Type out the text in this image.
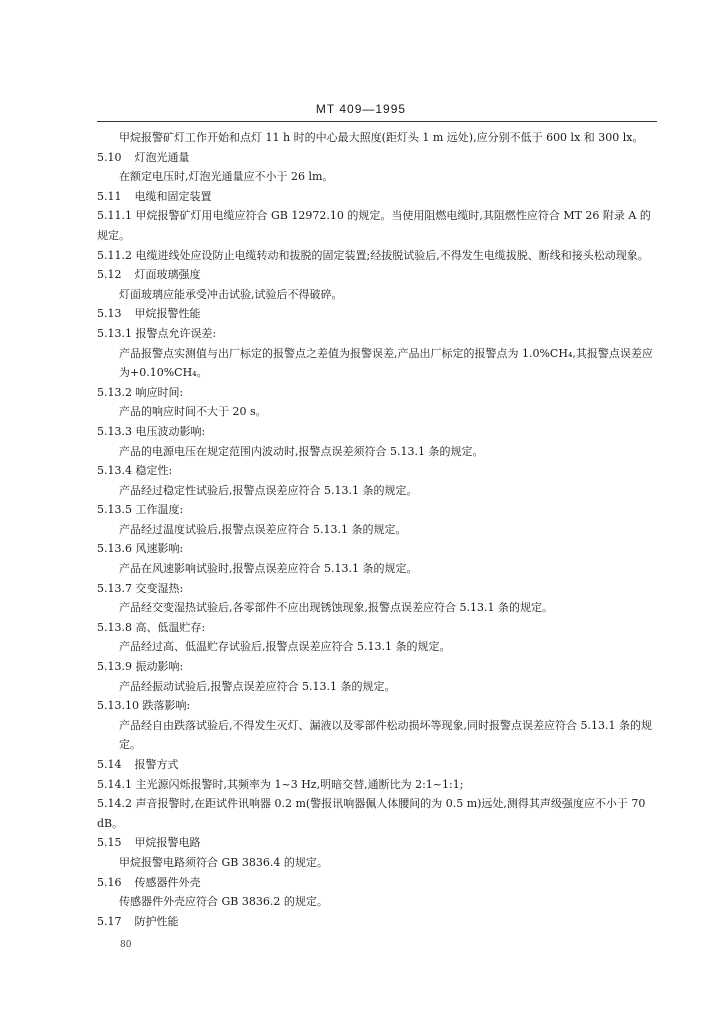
MT 409—1995
甲烷报警矿灯工作开始和点灯 11 h 时的中心最大照度(距灯头 1 m 远处),应分别不低于 600 lx 和 300 lx。
5.10 灯泡光通量
在额定电压时,灯泡光通量应不小于 26 lm。
5.11 电缆和固定装置
5.11.1 甲烷报警矿灯用电缆应符合 GB 12972.10 的规定。当使用阻燃电缆时,其阻燃性应符合 MT 26 附录 A 的规定。
5.11.2 电缆进线处应设防止电缆转动和拔脱的固定装置;经拔脱试验后,不得发生电缆拔脱、断线和接头松动现象。
5.12 灯面玻璃强度
灯面玻璃应能承受冲击试验,试验后不得破碎。
5.13 甲烷报警性能
5.13.1 报警点允许误差:
产品报警点实测值与出厂标定的报警点之差值为报警误差,产品出厂标定的报警点为 1.0%CH₄,其报警点误差应为+0.10%CH₄。
5.13.2 响应时间:
产品的响应时间不大于 20 s。
5.13.3 电压波动影响:
产品的电源电压在规定范围内波动时,报警点误差须符合 5.13.1 条的规定。
5.13.4 稳定性:
产品经过稳定性试验后,报警点误差应符合 5.13.1 条的规定。
5.13.5 工作温度:
产品经过温度试验后,报警点误差应符合 5.13.1 条的规定。
5.13.6 风速影响:
产品在风速影响试验时,报警点误差应符合 5.13.1 条的规定。
5.13.7 交变湿热:
产品经交变湿热试验后,各零部件不应出现锈蚀现象,报警点误差应符合 5.13.1 条的规定。
5.13.8 高、低温贮存:
产品经过高、低温贮存试验后,报警点误差应符合 5.13.1 条的规定。
5.13.9 振动影响:
产品经振动试验后,报警点误差应符合 5.13.1 条的规定。
5.13.10 跌落影响:
产品经自由跌落试验后,不得发生灭灯、漏液以及零部件松动损坏等现象,同时报警点误差应符合 5.13.1 条的规定。
5.14 报警方式
5.14.1 主光源闪烁报警时,其频率为 1~3 Hz,明暗交替,通断比为 2:1~1:1;
5.14.2 声音报警时,在距试件讯响器 0.2 m(警报讯响器佩人体腰间的为 0.5 m)远处,测得其声级强度应不小于 70 dB。
5.15 甲烷报警电路
甲烷报警电路须符合 GB 3836.4 的规定。
5.16 传感器件外壳
传感器件外壳应符合 GB 3836.2 的规定。
5.17 防护性能
80
